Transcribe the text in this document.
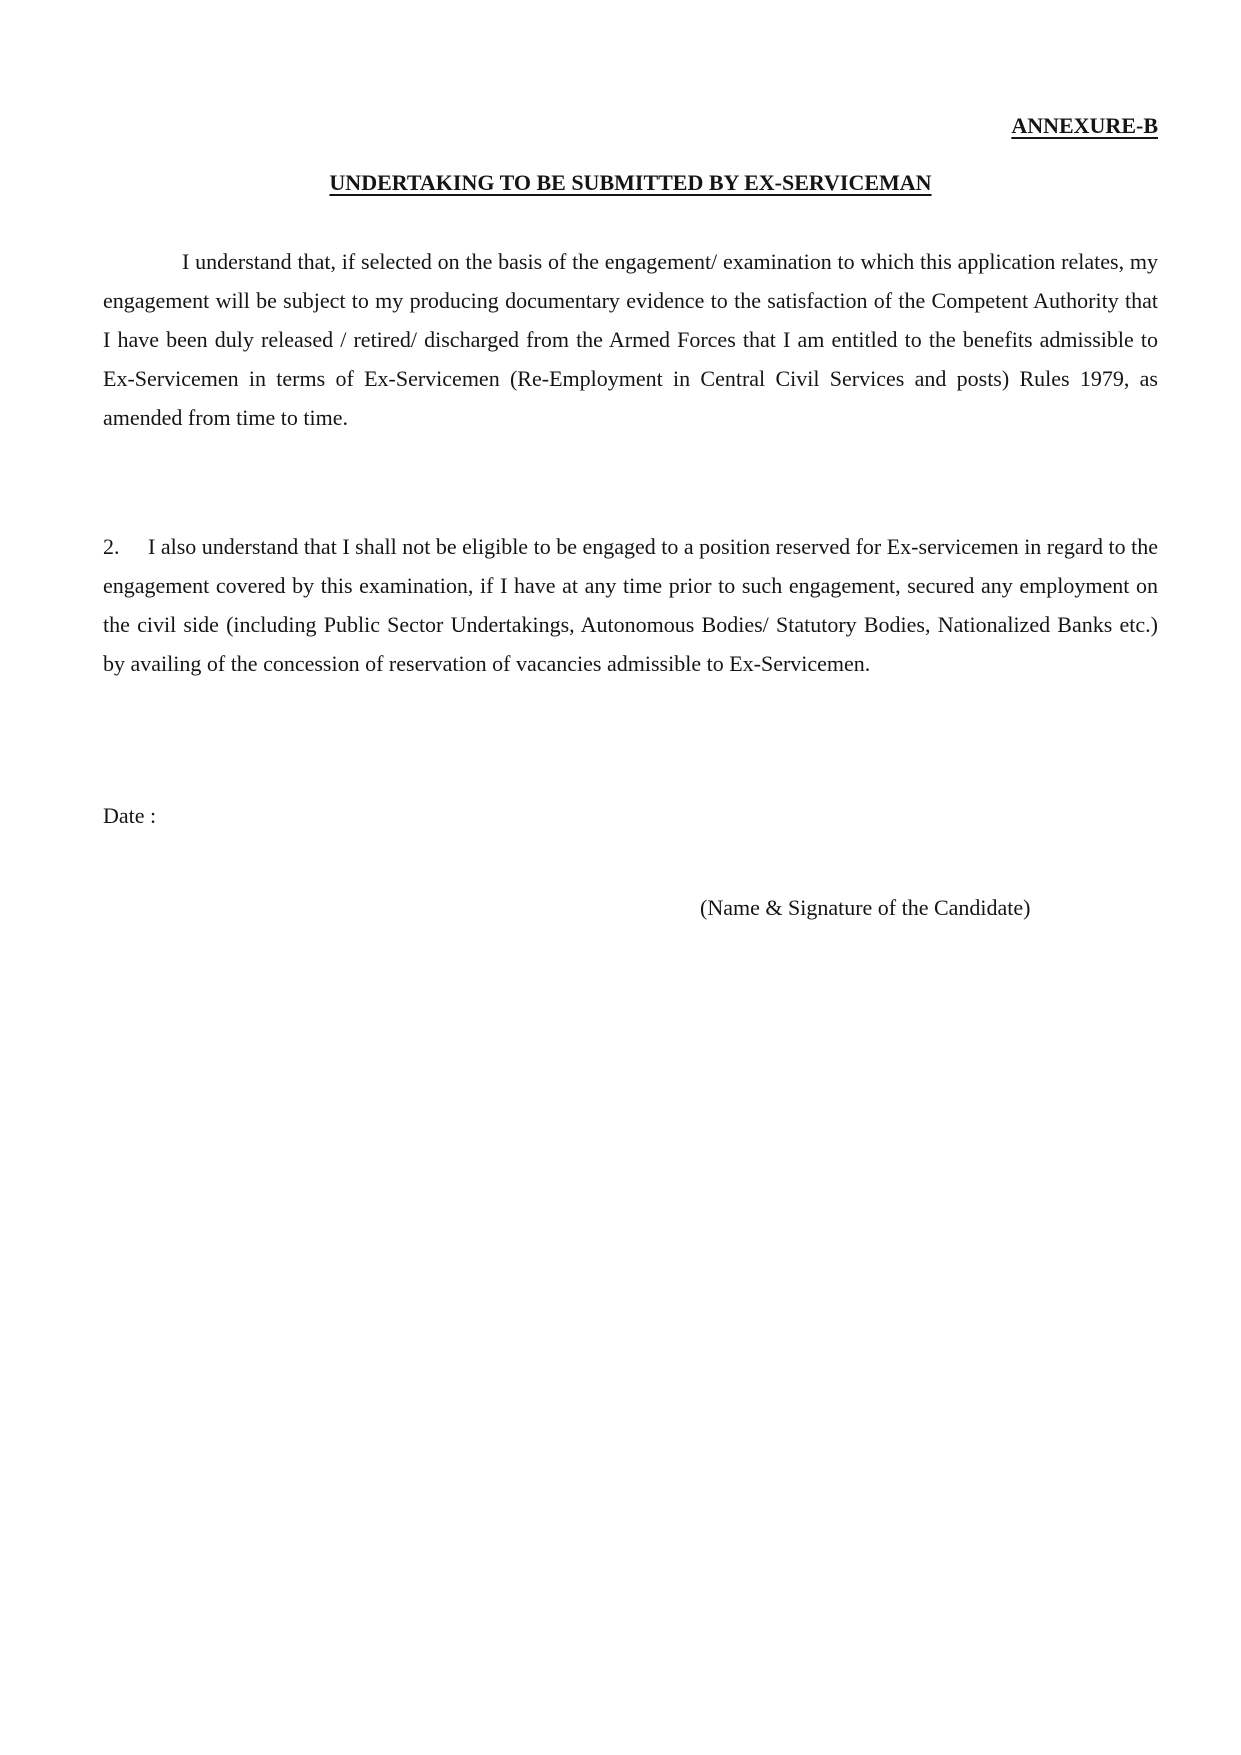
ANNEXURE-B
UNDERTAKING TO BE SUBMITTED BY EX-SERVICEMAN

I understand that, if selected on the basis of the engagement/ examination to which this application relates, my engagement will be subject to my producing documentary evidence to the satisfaction of the Competent Authority that I have been duly released / retired/ discharged from the Armed Forces that I am entitled to the benefits admissible to Ex-Servicemen in terms of Ex-Servicemen (Re-Employment in Central Civil Services and posts) Rules 1979, as amended from time to time.

2. I also understand that I shall not be eligible to be engaged to a position reserved for Ex-servicemen in regard to the engagement covered by this examination, if I have at any time prior to such engagement, secured any employment on the civil side (including Public Sector Undertakings, Autonomous Bodies/ Statutory Bodies, Nationalized Banks etc.) by availing of the concession of reservation of vacancies admissible to Ex-Servicemen.

Date :
(Name & Signature of the Candidate)
